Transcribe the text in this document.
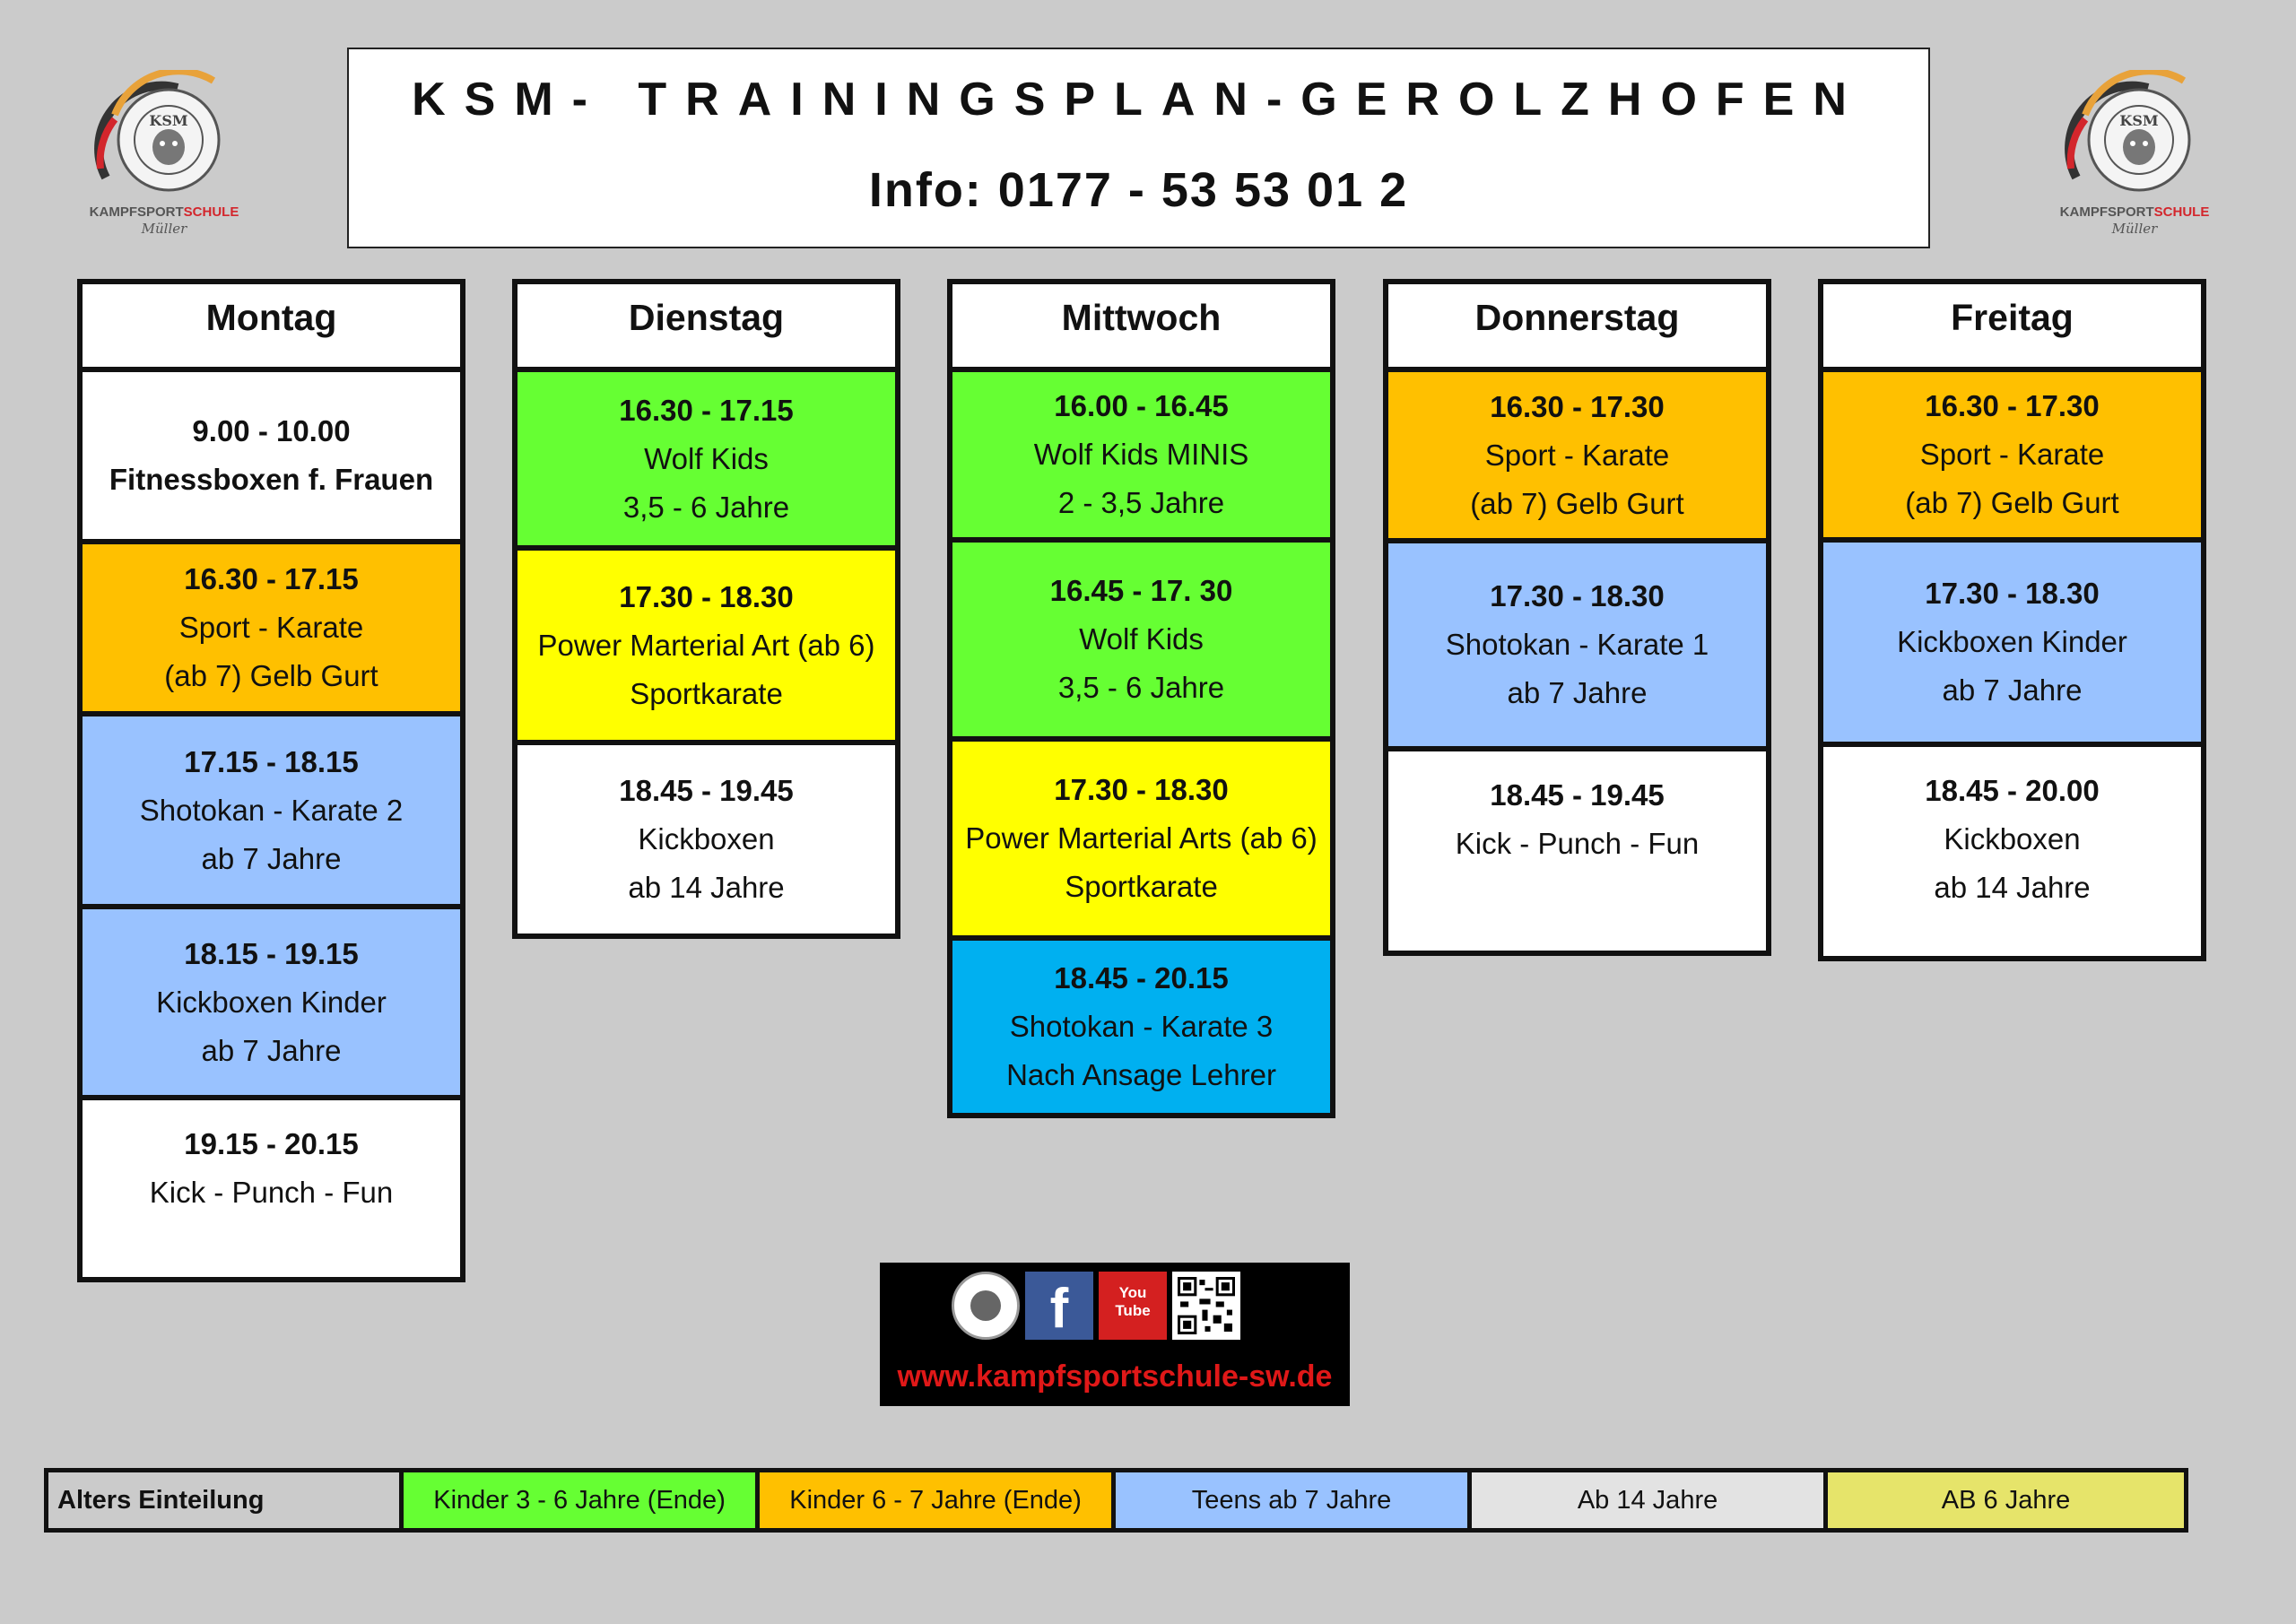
KSM- TRAININGSPLAN-GEROLZHOFEN
Info: 0177 - 53 53 01 2
KSM
KAMPFSPORTSCHULE
Müller
KSM
KAMPFSPORTSCHULE
Müller
Montag
9.00 - 10.00
Fitnessboxen f. Frauen
16.30 - 17.15
Sport - Karate
(ab 7) Gelb Gurt
17.15 - 18.15
Shotokan - Karate 2
ab 7 Jahre
18.15 - 19.15
Kickboxen Kinder
ab 7 Jahre
19.15 - 20.15
Kick - Punch - Fun
Dienstag
16.30 - 17.15
Wolf Kids
3,5 - 6 Jahre
17.30 - 18.30
Power Marterial Art (ab 6)
Sportkarate
18.45 - 19.45
Kickboxen
ab 14 Jahre
Mittwoch
16.00 - 16.45
Wolf Kids MINIS
2 - 3,5 Jahre
16.45 - 17. 30
Wolf Kids
3,5 - 6 Jahre
17.30 - 18.30
Power Marterial Arts (ab 6)
Sportkarate
18.45 - 20.15
Shotokan - Karate 3
Nach Ansage Lehrer
Donnerstag
16.30 - 17.30
Sport - Karate
(ab 7) Gelb Gurt
17.30 - 18.30
Shotokan - Karate 1
ab 7 Jahre
18.45 - 19.45
Kick - Punch - Fun
Freitag
16.30 - 17.30
Sport - Karate
(ab 7) Gelb Gurt
17.30 - 18.30
Kickboxen Kinder
ab 7 Jahre
18.45 - 20.00
Kickboxen
ab 14 Jahre
f	You
Tube
www.kampfsportschule-sw.de
Alters Einteilung	Kinder 3 - 6 Jahre (Ende)	Kinder 6 - 7 Jahre (Ende)	Teens ab 7 Jahre	Ab 14 Jahre	AB 6 Jahre
